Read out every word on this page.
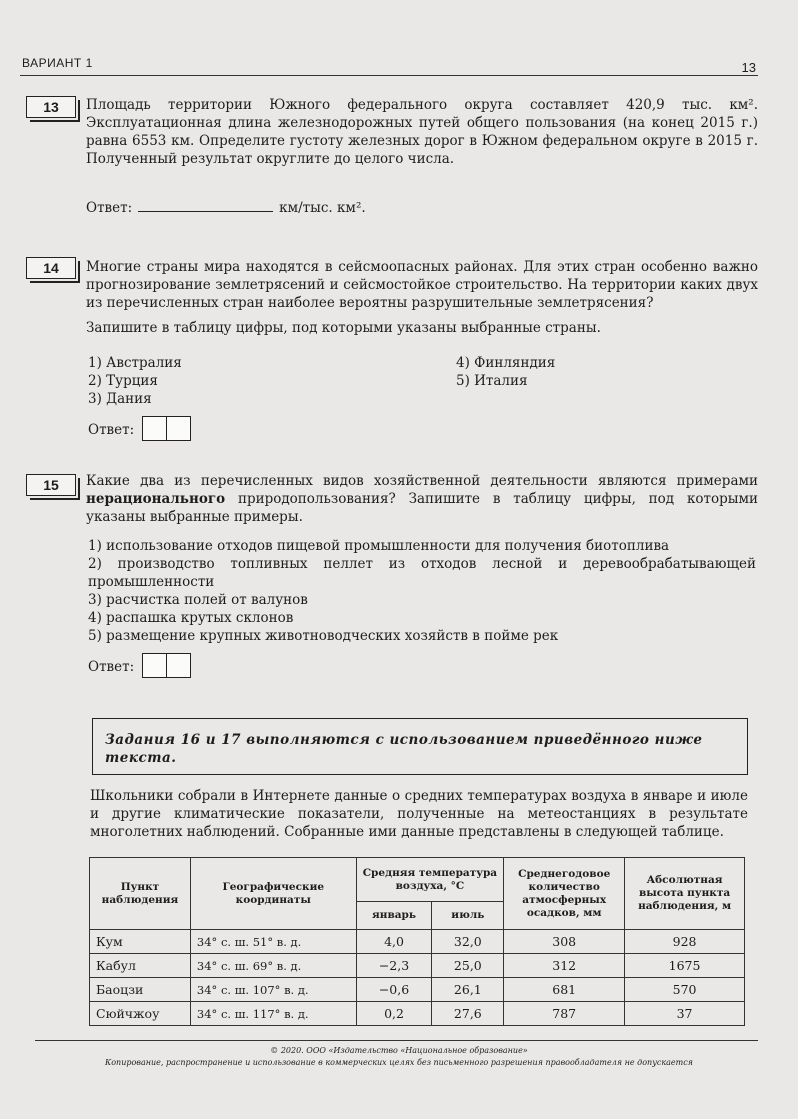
ВАРИАНТ 1	13
13	Площадь территории Южного федерального округа составляет 420,9 тыс. км². Эксплуатационная длина железнодорожных путей общего пользования (на конец 2015 г.) равна 6553 км. Определите густоту железных дорог в Южном федеральном округе в 2015 г. Полученный результат округлите до целого числа.

Ответ:	км/тыс. км².
14	Многие страны мира находятся в сейсмоопасных районах. Для этих стран особенно важно прогнозирование землетрясений и сейсмостойкое строительство. На территории каких двух из перечисленных стран наиболее вероятны разрушительные землетрясения?

Запишите в таблицу цифры, под которыми указаны выбранные страны.

1) Австралия
2) Турция
3) Дания
4) Финляндия
5) Италия
Ответ:
15	Какие два из перечисленных видов хозяйственной деятельности являются примерами нерационального природопользования? Запишите в таблицу цифры, под которыми указаны выбранные примеры.

1) использование отходов пищевой промышленности для получения биотоплива
2) производство топливных пеллет из отходов лесной и деревообрабатывающей промышленности
3) расчистка полей от валунов
4) распашка крутых склонов
5) размещение крупных животноводческих хозяйств в пойме рек
Ответ:
Задания 16 и 17 выполняются с использованием приведённого ниже текста.

Школьники собрали в Интернете данные о средних температурах воздуха в январе и июле и другие климатические показатели, полученные на метеостанциях в результате многолетних наблюдений. Собранные ими данные представлены в следующей таблице.

Пункт наблюдения	Географические координаты	Средняя температура воздуха, °С		Среднегодовое количество атмосферных осадков, мм	Абсолютная высота пункта наблюдения, м
		январь	июль		
Кум	34° с. ш. 51° в. д.	4,0	32,0	308	928
Кабул	34° с. ш. 69° в. д.	−2,3	25,0	312	1675
Баоцзи	34° с. ш. 107° в. д.	−0,6	26,1	681	570
Сюйчжоу	34° с. ш. 117° в. д.	0,2	27,6	787	37
© 2020. ООО «Издательство «Национальное образование»
Копирование, распространение и использование в коммерческих целях без письменного разрешения правообладателя не допускается
